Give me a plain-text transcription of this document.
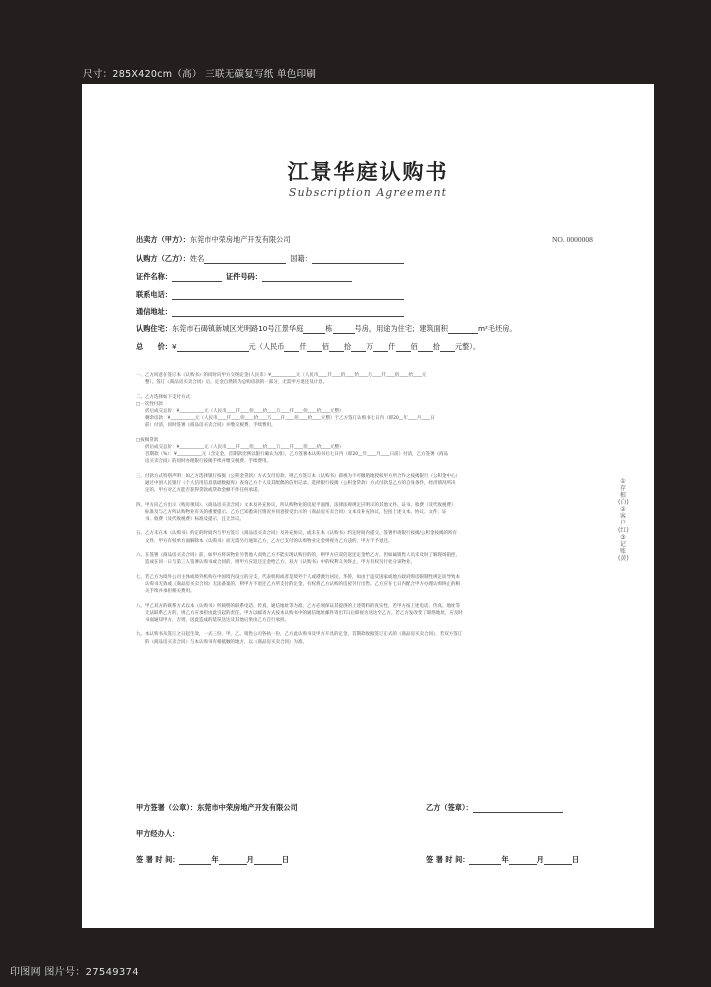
尺寸：285X420cm（高） 三联无碳复写纸 单色印刷
江景华庭认购书
Subscription Agreement
NO. 0000008
出卖方（甲方）：东莞市中荣房地产开发有限公司
认购方（乙方）：姓名	国籍：
证件名称：	证件号码：
联系电话：
通信地址：
认购住宅：东莞市石碣镇新城区光明路10号江景华庭	栋	号房，用途为住宅；建筑面积	m²毛坯房。
总　　价：¥	元（人民币 仟 佰 拾 万 仟 佰 拾 元整）。
一、乙方同意在签订本《认购书》的同时向甲方交纳定金(人民币）¥___________元（人民币____仟____佰____拾____万____仟____佰____拾____元
　　整），签订《商品房买卖合同》后，定金自然转为总购房款的一部分，无需甲方退还及计息。

二、乙方选择如下支付方式：
□一次性付款
　　折后成交总价：¥___________元（人民币____仟____佰____拾____万____仟____佰____拾____元整）
　　剩余房款：¥___________元（人民币____仟____佰____拾____万____仟____佰____拾____元整）于乙方签订认购书七日内（即20__年____月____日
　　前）付清，同时签署《商品房买卖合同》并缴交税费、手续费用。

□按揭贷款
　　折后成交总价：¥___________元（人民币____仟____佰____拾____万____仟____佰____拾____元整）
　　首期款（%）：¥___________元（含定金，首期款比例以银行确认为准），乙方签署本认购书后七日内（即20__年____月____日前）付清，乙方签署《商品
　　房买卖合同》的同时办理银行按揭手续并缴交税费、手续费用。

三、付款方式特别声明：如乙方选择银行按揭（公积金贷款）方式支付房款，则乙方签订本《认购书》即视为不可撤销地授权甲方所合作之按揭银行（公积金中心）
　　通过中国人民银行《个人信用信息基础数据库》查询乙方个人及其配偶的信用记录。选择银行按揭（公积金贷款）方式付款是乙方的自身条件，经济情况所决
　　定的，甲方对乙方能否获得贷款或贷款金额不作任何承诺。

四、甲方向乙方出示《购房须知》、《商品房买卖合同》文本及补充协议，所认购物业的房屋平面图、法律法规规定应明示的其他文件、证书、收费（及代收税费）
　　标准及与乙方所认购物业有关的重要提示，乙方已知悉该目情况并同意接受出示的《商品房买卖合同》文本及补充协议，包括上述文本、协议、文件、证
　　书、收费（及代收税费）标准及提示，且无异议。

五、乙方未在本《认购书》约定的时间内与甲方签订《商品房买卖合同》及补充协议，或未在本《认购书》约定时间内提交、签署申请银行按揭/公积金按揭的所有
　　文件，甲方有权单方面解除本《认购书》而无需另行通知乙方，乙方已支付的认购物业定金则视为乙方违约，甲方不予退还。

六、在签署《商品房买卖合同》前，如甲方将该物业另售他人而致乙方不能实现认购目的的，则甲方应双倍返还定金给乙方，但如属销售人员未及时了解现场销控，
　　造成在同一日与第三人签署认购书或合同的，则甲方应返还定金给乙方，双方《认购书》中的权利义务终止，甲方有权另行处分该物业。

七、若乙方为境外公司主体或境外机构在中国境内设立的分支、代表机构或者是境外个人或港澳台居民、华侨，如由于违反国家或地方政府购房限制性规定而导致本
　　认购书无效或《商品房买卖合同》无法备案的，则甲方不退还乙方所支付的定金，有权将乙方认购的房屋另行出售。乙方应在七日内配合甲方办理认购终止的相
　　关手续并承担相关费用。

八、甲乙双方的联系方式以本《认购书》所载明的联系电话、传真、通信地址等为准。乙方必须保证其提供的上述资料的真实性，若甲方按上述电话、传真、地址等
　　无法联系乙方的，则乙方应承担由此引起的责任。甲方以邮寄方式按本认购书中的通信地址邮件寄出7日后即视为送达至乙方。若乙方发改变了联络地址，应及时
　　书面通知甲方，否则，因此造成的延误送达及其他后果由乙方自行承担。

九、本认购书从签订之日起生效，一式三份，甲、乙、销售公司各执一份，乙方此认购书及甲方开具的定金、首期款收据签订正式的《商品房买卖合同》，若双方签订
　　的《商品房买卖合同》与本认购书有相抵触的地方，以《商品房买卖合同》为准。
①存根(白) ②客户(红) ③记账(黄)
甲方签署（公章）：东莞市中荣房地产开发有限公司	乙方（签章）：
甲方经办人：
签 署 时 间：	年	月	日	签 署 时 间：	年	月	日
印图网 图片号：27549374
